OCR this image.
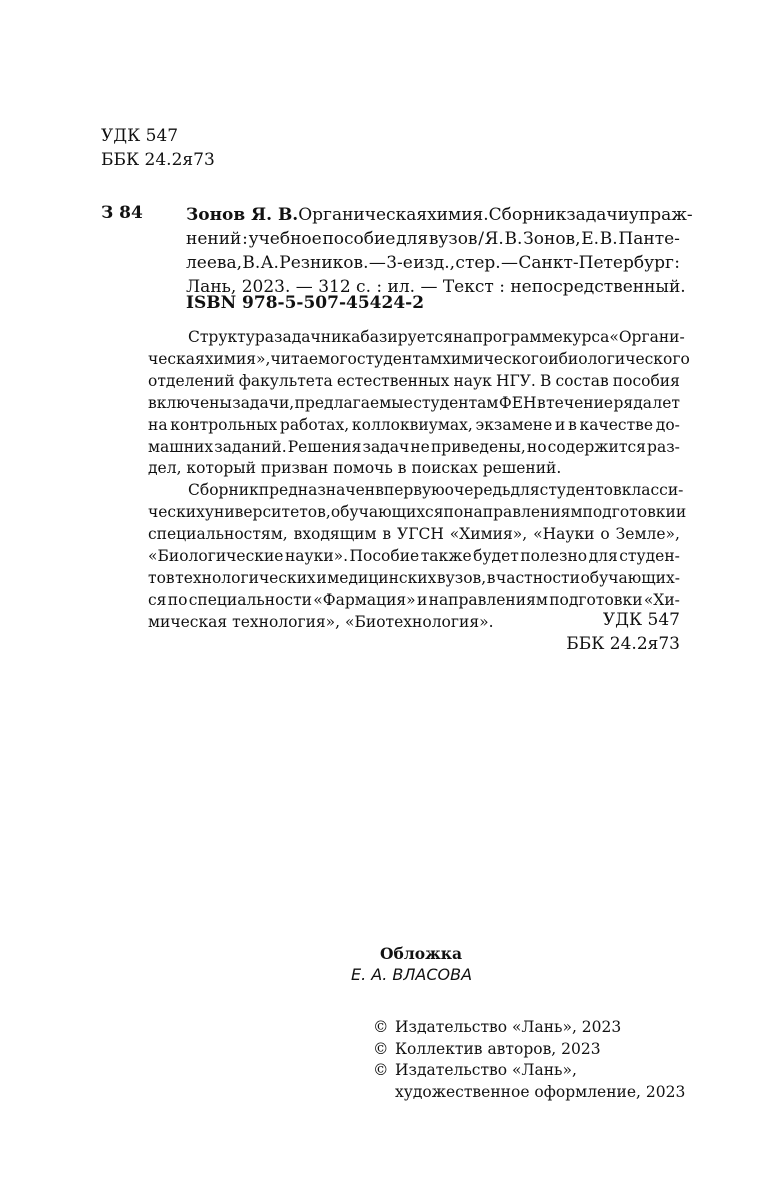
УДК 547
ББК 24.2я73
З 84	Зонов Я. В. Органическая химия. Сборник задач и упраж-
нений : учебное пособие для вузов / Я. В. Зонов, Е. В. Панте-
леева, В. А. Резников. — 3-е изд., стер. — Санкт-Петербург :
Лань, 2023. — 312 с. : ил. — Текст : непосредственный.
ISBN 978-5-507-45424-2
Структура задачника базируется на программе курса «Органи-
ческая химия», читаемого студентам химического и биологического
отделений факультета естественных наук НГУ. В состав пособия
включены задачи, предлагаемые студентам ФЕН в течение ряда лет
на контрольных работах, коллоквиумах, экзамене и в качестве до-
машних заданий. Решения задач не приведены, но содержится раз-
дел, который призван помочь в поисках решений.
Сборник предназначен в первую очередь для студентов класси-
ческих университетов, обучающихся по направлениям подготовки и
специальностям, входящим в УГСН «Химия», «Науки о Земле»,
«Биологические науки». Пособие также будет полезно для студен-
тов технологических и медицинских вузов, в частности обучающих-
ся по специальности «Фармация» и направлениям подготовки «Хи-
мическая технология», «Биотехнология».	УДК 547
ББК 24.2я73
Обложка
Е. А. ВЛАСОВА
© Издательство «Лань», 2023
© Коллектив авторов, 2023
© Издательство «Лань»,
художественное оформление, 2023
